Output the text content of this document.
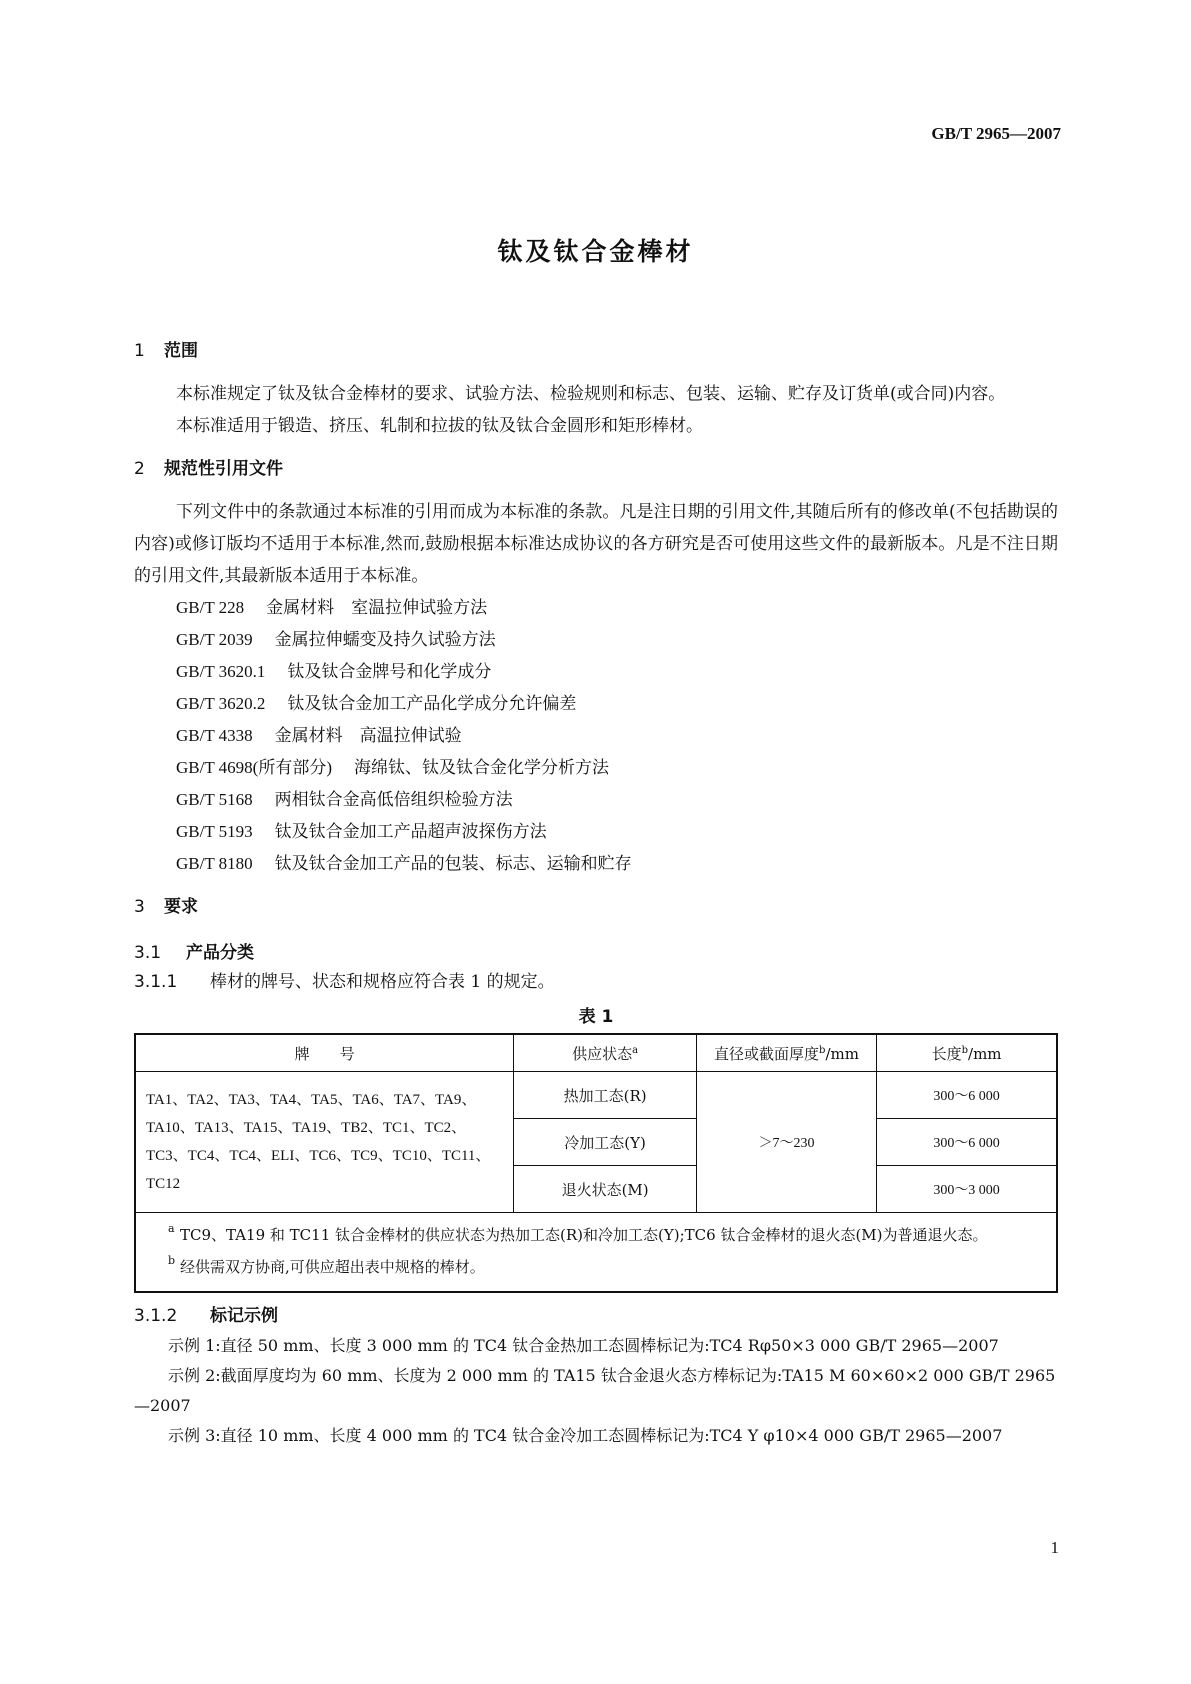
GB/T 2965—2007
钛及钛合金棒材

1 范围

本标准规定了钛及钛合金棒材的要求、试验方法、检验规则和标志、包装、运输、贮存及订货单(或合同)内容。

本标准适用于锻造、挤压、轧制和拉拔的钛及钛合金圆形和矩形棒材。

2 规范性引用文件

下列文件中的条款通过本标准的引用而成为本标准的条款。凡是注日期的引用文件,其随后所有的修改单(不包括勘误的内容)或修订版均不适用于本标准,然而,鼓励根据本标准达成协议的各方研究是否可使用这些文件的最新版本。凡是不注日期的引用文件,其最新版本适用于本标准。

GB/T 228 金属材料　室温拉伸试验方法

GB/T 2039 金属拉伸蠕变及持久试验方法

GB/T 3620.1 钛及钛合金牌号和化学成分

GB/T 3620.2 钛及钛合金加工产品化学成分允许偏差

GB/T 4338 金属材料　高温拉伸试验

GB/T 4698(所有部分) 海绵钛、钛及钛合金化学分析方法

GB/T 5168 两相钛合金高低倍组织检验方法

GB/T 5193 钛及钛合金加工产品超声波探伤方法

GB/T 8180 钛及钛合金加工产品的包装、标志、运输和贮存

3 要求

3.1 产品分类

3.1.1 棒材的牌号、状态和规格应符合表 1 的规定。

表 1
牌　　号	供应状态$^a$	直径或截面厚度$^b$/mm	长度$^b$/mm
TA1、TA2、TA3、TA4、TA5、TA6、TA7、TA9、TA10、TA13、TA15、TA19、TB2、TC1、TC2、TC3、TC4、TC4、ELI、TC6、TC9、TC10、TC11、TC12	热加工态(R)	＞7～230	300～6 000
	冷加工态(Y)		300～6 000
	退火状态(M)		300～3 000

a TC9、TA19 和 TC11 钛合金棒材的供应状态为热加工态(R)和冷加工态(Y);TC6 钛合金棒材的退火态(M)为普通退火态。
b 经供需双方协商,可供应超出表中规格的棒材。			

3.1.2 标记示例

示例 1:直径 50 mm、长度 3 000 mm 的 TC4 钛合金热加工态圆棒标记为:TC4 Rφ50×3 000 GB/T 2965—2007

示例 2:截面厚度均为 60 mm、长度为 2 000 mm 的 TA15 钛合金退火态方棒标记为:TA15 M 60×60×2 000 GB/T 2965—2007

示例 3:直径 10 mm、长度 4 000 mm 的 TC4 钛合金冷加工态圆棒标记为:TC4 Y φ10×4 000 GB/T 2965—2007

1
